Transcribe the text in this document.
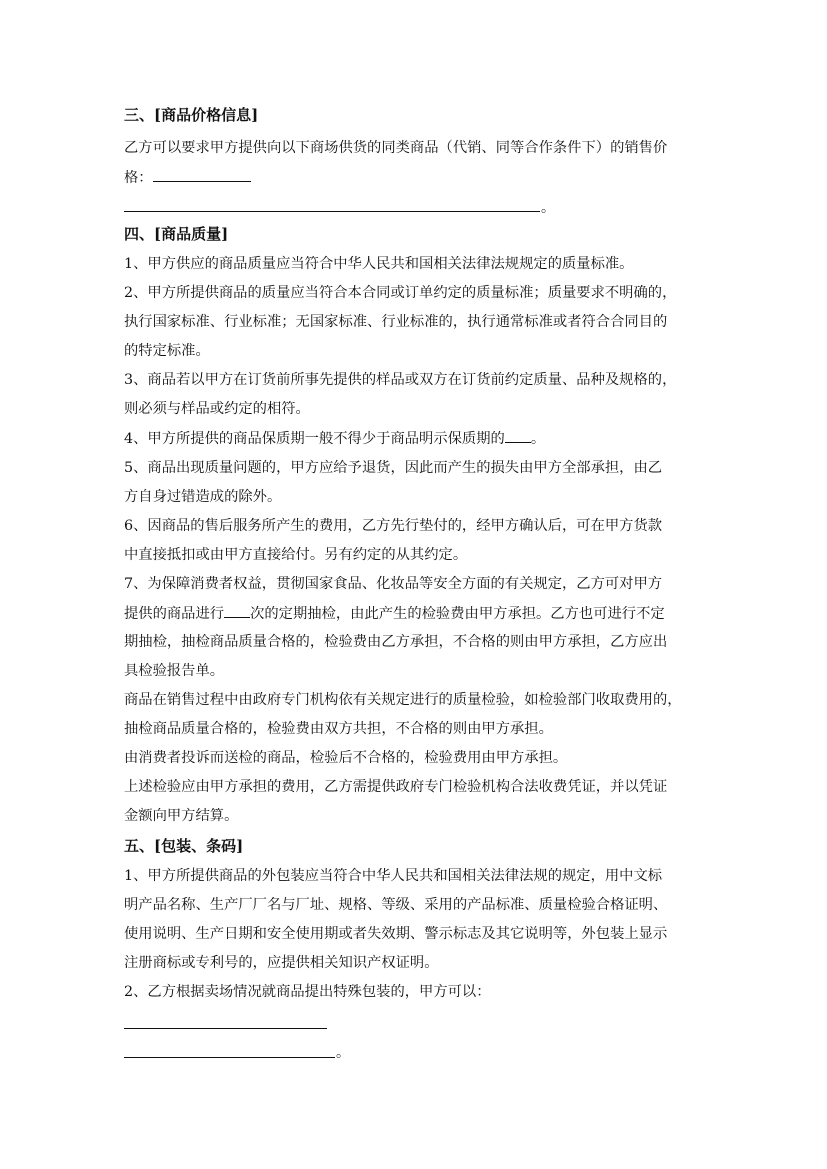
三、[商品价格信息]
乙方可以要求甲方提供向以下商场供货的同类商品（代销、同等合作条件下）的销售价
格：
。
四、[商品质量]
1、甲方供应的商品质量应当符合中华人民共和国相关法律法规规定的质量标准。
2、甲方所提供商品的质量应当符合本合同或订单约定的质量标准；质量要求不明确的，
执行国家标准、行业标准；无国家标准、行业标准的，执行通常标准或者符合合同目的
的特定标准。
3、商品若以甲方在订货前所事先提供的样品或双方在订货前约定质量、品种及规格的，
则必须与样品或约定的相符。
4、甲方所提供的商品保质期一般不得少于商品明示保质期的 。
5、商品出现质量问题的，甲方应给予退货，因此而产生的损失由甲方全部承担，由乙
方自身过错造成的除外。
6、因商品的售后服务所产生的费用，乙方先行垫付的，经甲方确认后，可在甲方货款
中直接抵扣或由甲方直接给付。另有约定的从其约定。
7、为保障消费者权益，贯彻国家食品、化妆品等安全方面的有关规定，乙方可对甲方
提供的商品进行 次的定期抽检，由此产生的检验费由甲方承担。乙方也可进行不定
期抽检，抽检商品质量合格的，检验费由乙方承担，不合格的则由甲方承担，乙方应出
具检验报告单。
商品在销售过程中由政府专门机构依有关规定进行的质量检验，如检验部门收取费用的，
抽检商品质量合格的，检验费由双方共担，不合格的则由甲方承担。
由消费者投诉而送检的商品，检验后不合格的，检验费用由甲方承担。
上述检验应由甲方承担的费用，乙方需提供政府专门检验机构合法收费凭证，并以凭证
金额向甲方结算。
五、[包装、条码]
1、甲方所提供商品的外包装应当符合中华人民共和国相关法律法规的规定，用中文标
明产品名称、生产厂厂名与厂址、规格、等级、采用的产品标准、质量检验合格证明、
使用说明、生产日期和安全使用期或者失效期、警示标志及其它说明等，外包装上显示
注册商标或专利号的，应提供相关知识产权证明。
2、乙方根据卖场情况就商品提出特殊包装的，甲方可以：
。
